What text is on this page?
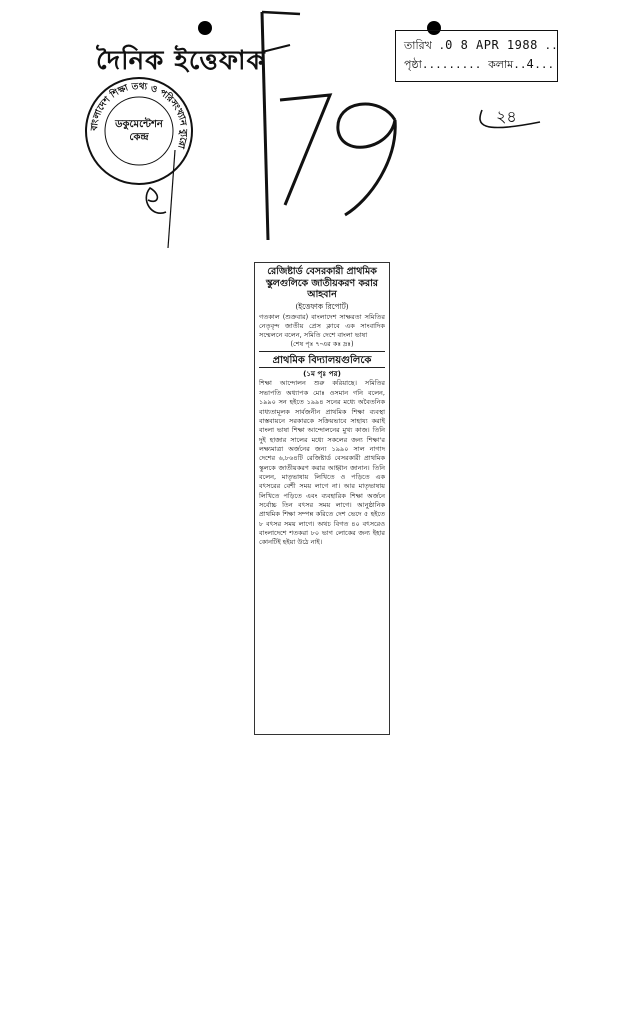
দৈনিক ইত্তেফাক
বাংলাদেশ শিক্ষা তথ্য ও পরিসংখ্যান ব্যুরো
ডকুমেন্টেশন
কেন্দ্র
তারিখ .0 8 APR 1988 ..
পৃষ্ঠা......... কলাম..4...
২৪

রেজিষ্টার্ড বেসরকারী প্রাথমিক স্কুলগুলিকে জাতীয়করণ করার আহবান

(ইত্তেফাক রিপোর্ট)

গতকাল (শুক্রবার) বাংলাদেশ সাক্ষরতা সমিতির নেতৃবৃন্দ জাতীয় প্রেস ক্লাবে এক সাংবাদিক সম্মেলনে বলেন, সমিতি দেশে বাংলা ভাষা

(শেষ পৃঃ ৭-এর কঃ দ্রঃ)

প্রাথমিক বিদ্যালয়গুলিকে

(১ম পৃঃ পর)

শিক্ষা আন্দোলন শুরু করিয়াছে। সমিতির সভাপতি অধ্যাপক মোঃ ওসমান গনি বলেন, ১৯৯০ সন হইতে ১৯৯৪ সনের মধ্যে অবৈতনিক বাধ্যতামূলক সার্বজনীন প্রাথমিক শিক্ষা ব্যবস্থা বাস্তবায়নে সরকারকে সক্রিয়ভাবে সাহায্য করাই বাংলা ভাষা শিক্ষা আন্দোলনের মুখ্য কাজ। তিনি দুই হাজার সালের মধ্যে সকলের জন্য শিক্ষা'র লক্ষ্যমাত্রা অর্জনের জন্য ১৯৯০ সাল নাগাদ দেশের ৬,৮৬৪টি রেজিষ্টার্ড বেসরকারী প্রাথমিক স্কুলকে জাতীয়করণ করার আহ্বান জানান। তিনি বলেন, মাতৃভাষায় লিখিতে ও পড়িতে এক বৎসরের বেশী সময় লাগে না। আর মাতৃভাষায় লিখিতে পড়িতে এবং ব্যবহারিক শিক্ষা অর্জনে সর্বোচ্চ তিন বৎসর সময় লাগে। আনুষ্ঠানিক প্রাথমিক শিক্ষা সম্পন্ন করিতে দেশ ভেদে ৫ হইতে ৮ বৎসর সময় লাগে। অথচ বিগত ৪০ বৎসরেও বাংলাদেশে শতকরা ৮০ ভাগ লোকের জন্য ইহার কোনটিই হইয়া উঠে নাই।
